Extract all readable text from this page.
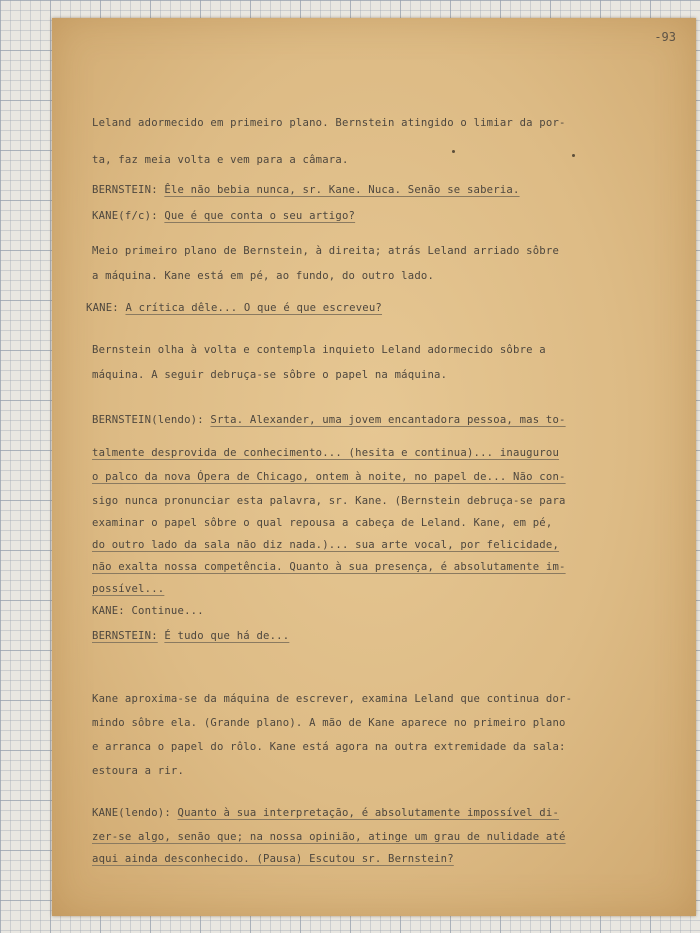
-93
Leland adormecido em primeiro plano. Bernstein atingido o limiar da por-
ta, faz meia volta e vem para a câmara.
BERNSTEIN: Êle não bebia nunca, sr. Kane. Nuca. Senão se saberia.
KANE(f/c): Que é que conta o seu artigo?
Meio primeiro plano de Bernstein, à direita; atrás Leland arriado sôbre
a máquina. Kane está em pé, ao fundo, do outro lado.
KANE: A crítica dêle... O que é que escreveu?
Bernstein olha à volta e contempla inquieto Leland adormecido sôbre a
máquina. A seguir debruça-se sôbre o papel na máquina.
BERNSTEIN(lendo): Srta. Alexander, uma jovem encantadora pessoa, mas to-
talmente desprovida de conhecimento... (hesita e continua)... inaugurou
o palco da nova Ópera de Chicago, ontem à noite, no papel de... Não con-
sigo nunca pronunciar esta palavra, sr. Kane. (Bernstein debruça-se para
examinar o papel sôbre o qual repousa a cabeça de Leland. Kane, em pé,
do outro lado da sala não diz nada.)... sua arte vocal, por felicidade,
não exalta nossa competência. Quanto à sua presença, é absolutamente im-
possível...
KANE: Continue...
BERNSTEIN: É tudo que há de...
Kane aproxima-se da máquina de escrever, examina Leland que continua dor-
mindo sôbre ela. (Grande plano). A mão de Kane aparece no primeiro plano
e arranca o papel do rôlo. Kane está agora na outra extremidade da sala:
estoura a rir.
KANE(lendo): Quanto à sua interpretação, é absolutamente impossível di-
zer-se algo, senão que; na nossa opinião, atinge um grau de nulidade até
aqui ainda desconhecido. (Pausa) Escutou sr. Bernstein?
